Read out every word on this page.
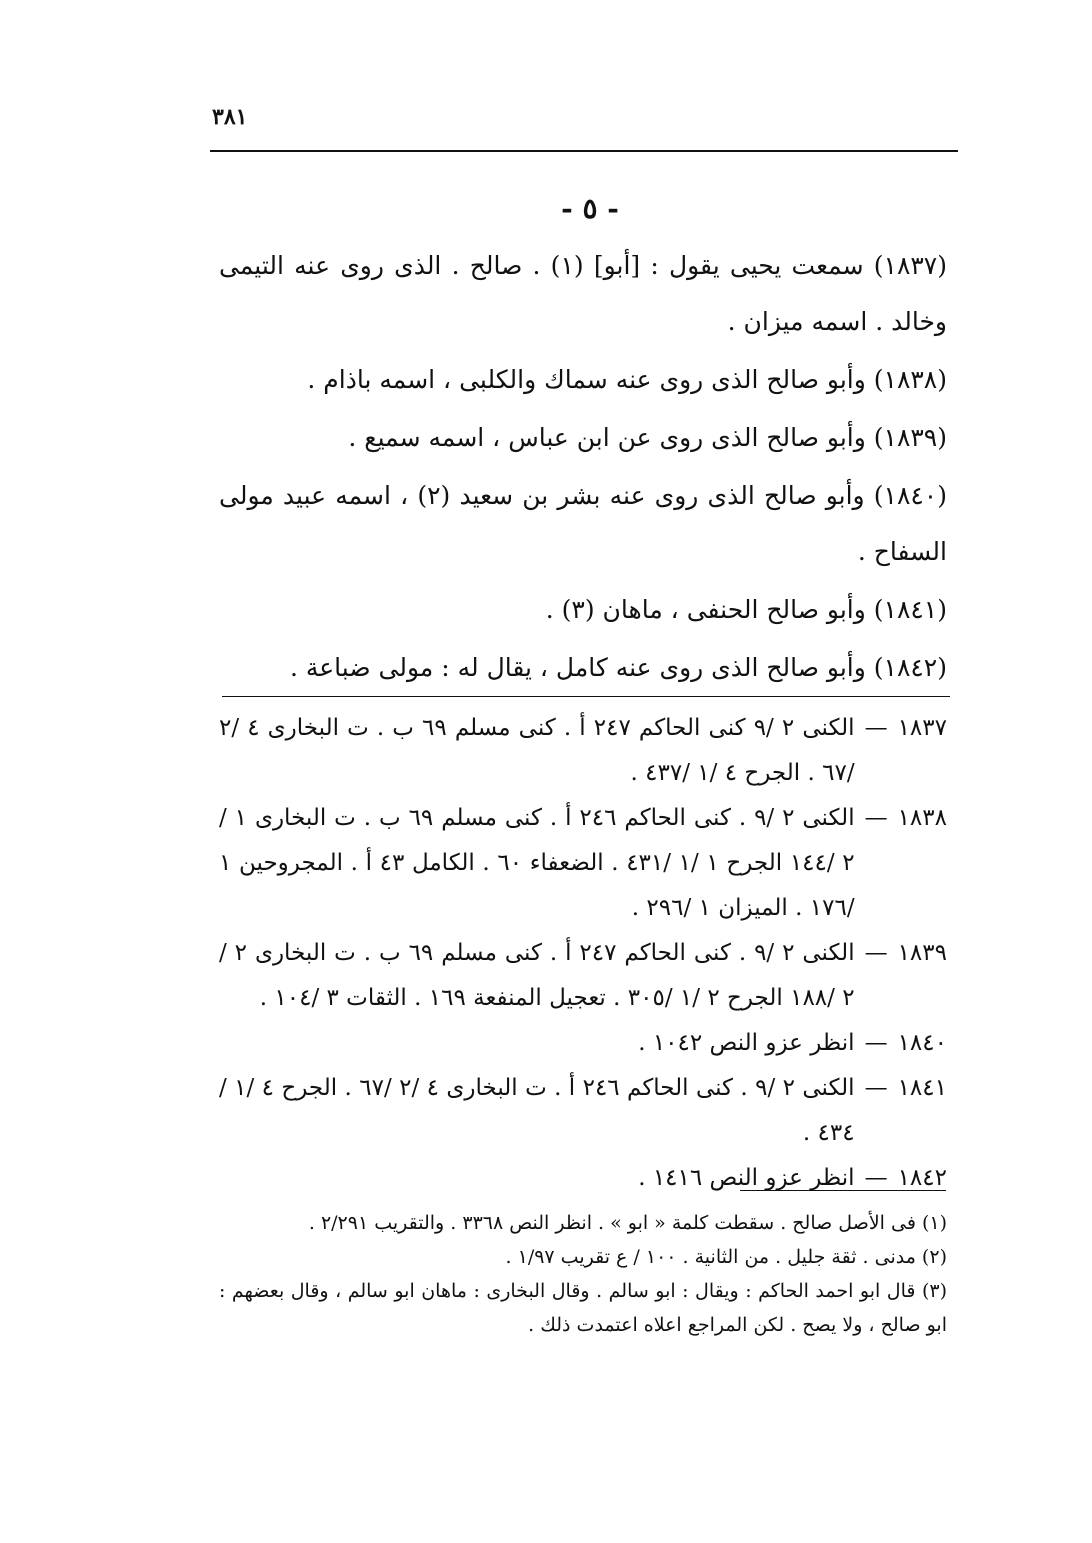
٣٨١
- ٥ -

(١٨٣٧) سمعت يحيى يقول : [أبو] (١) . صالح . الذى روى عنه التيمى وخالد . اسمه ميزان .

(١٨٣٨) وأبو صالح الذى روى عنه سماك والكلبى ، اسمه باذام .

(١٨٣٩) وأبو صالح الذى روى عن ابن عباس ، اسمه سميع .

(١٨٤٠) وأبو صالح الذى روى عنه بشر بن سعيد (٢) ، اسمه عبيد مولى السفاح .

(١٨٤١) وأبو صالح الحنفى ، ماهان (٣) .

(١٨٤٢) وأبو صالح الذى روى عنه كامل ، يقال له : مولى ضباعة .

١٨٣٧
—
الكنى ٢ /٩ كنى الحاكم ٢٤٧ أ . كنى مسلم ٦٩ ب . ت البخارى ٤ /٢ /٦٧ . الجرح ٤ /١ /٤٣٧ .
١٨٣٨
—
الكنى ٢ /٩ . كنى الحاكم ٢٤٦ أ . كنى مسلم ٦٩ ب . ت البخارى ١ /٢ /١٤٤ الجرح ١ /١ /٤٣١ . الضعفاء ٦٠ . الكامل ٤٣ أ . المجروحين ١ /١٧٦ . الميزان ١ /٢٩٦ .
١٨٣٩
—
الكنى ٢ /٩ . كنى الحاكم ٢٤٧ أ . كنى مسلم ٦٩ ب . ت البخارى ٢ /٢ /١٨٨ الجرح ٢ /١ /٣٠٥ . تعجيل المنفعة ١٦٩ . الثقات ٣ /١٠٤ .
١٨٤٠
—
انظر عزو النص ١٠٤٢ .
١٨٤١
—
الكنى ٢ /٩ . كنى الحاكم ٢٤٦ أ . ت البخارى ٤ /٢ /٦٧ . الجرح ٤ /١ /٤٣٤ .
١٨٤٢
—
انظر عزو النص ١٤١٦ .

(١) فى الأصل صالح . سقطت كلمة « ابو » . انظر النص ٣٣٦٨ . والتقريب ٢/٢٩١ .

(٢) مدنى . ثقة جليل . من الثانية . ١٠٠ / ع تقريب ١/٩٧ .

(٣) قال ابو احمد الحاكم : ويقال : ابو سالم . وقال البخارى : ماهان ابو سالم ، وقال بعضهم : ابو صالح ، ولا يصح . لكن المراجع اعلاه اعتمدت ذلك .
